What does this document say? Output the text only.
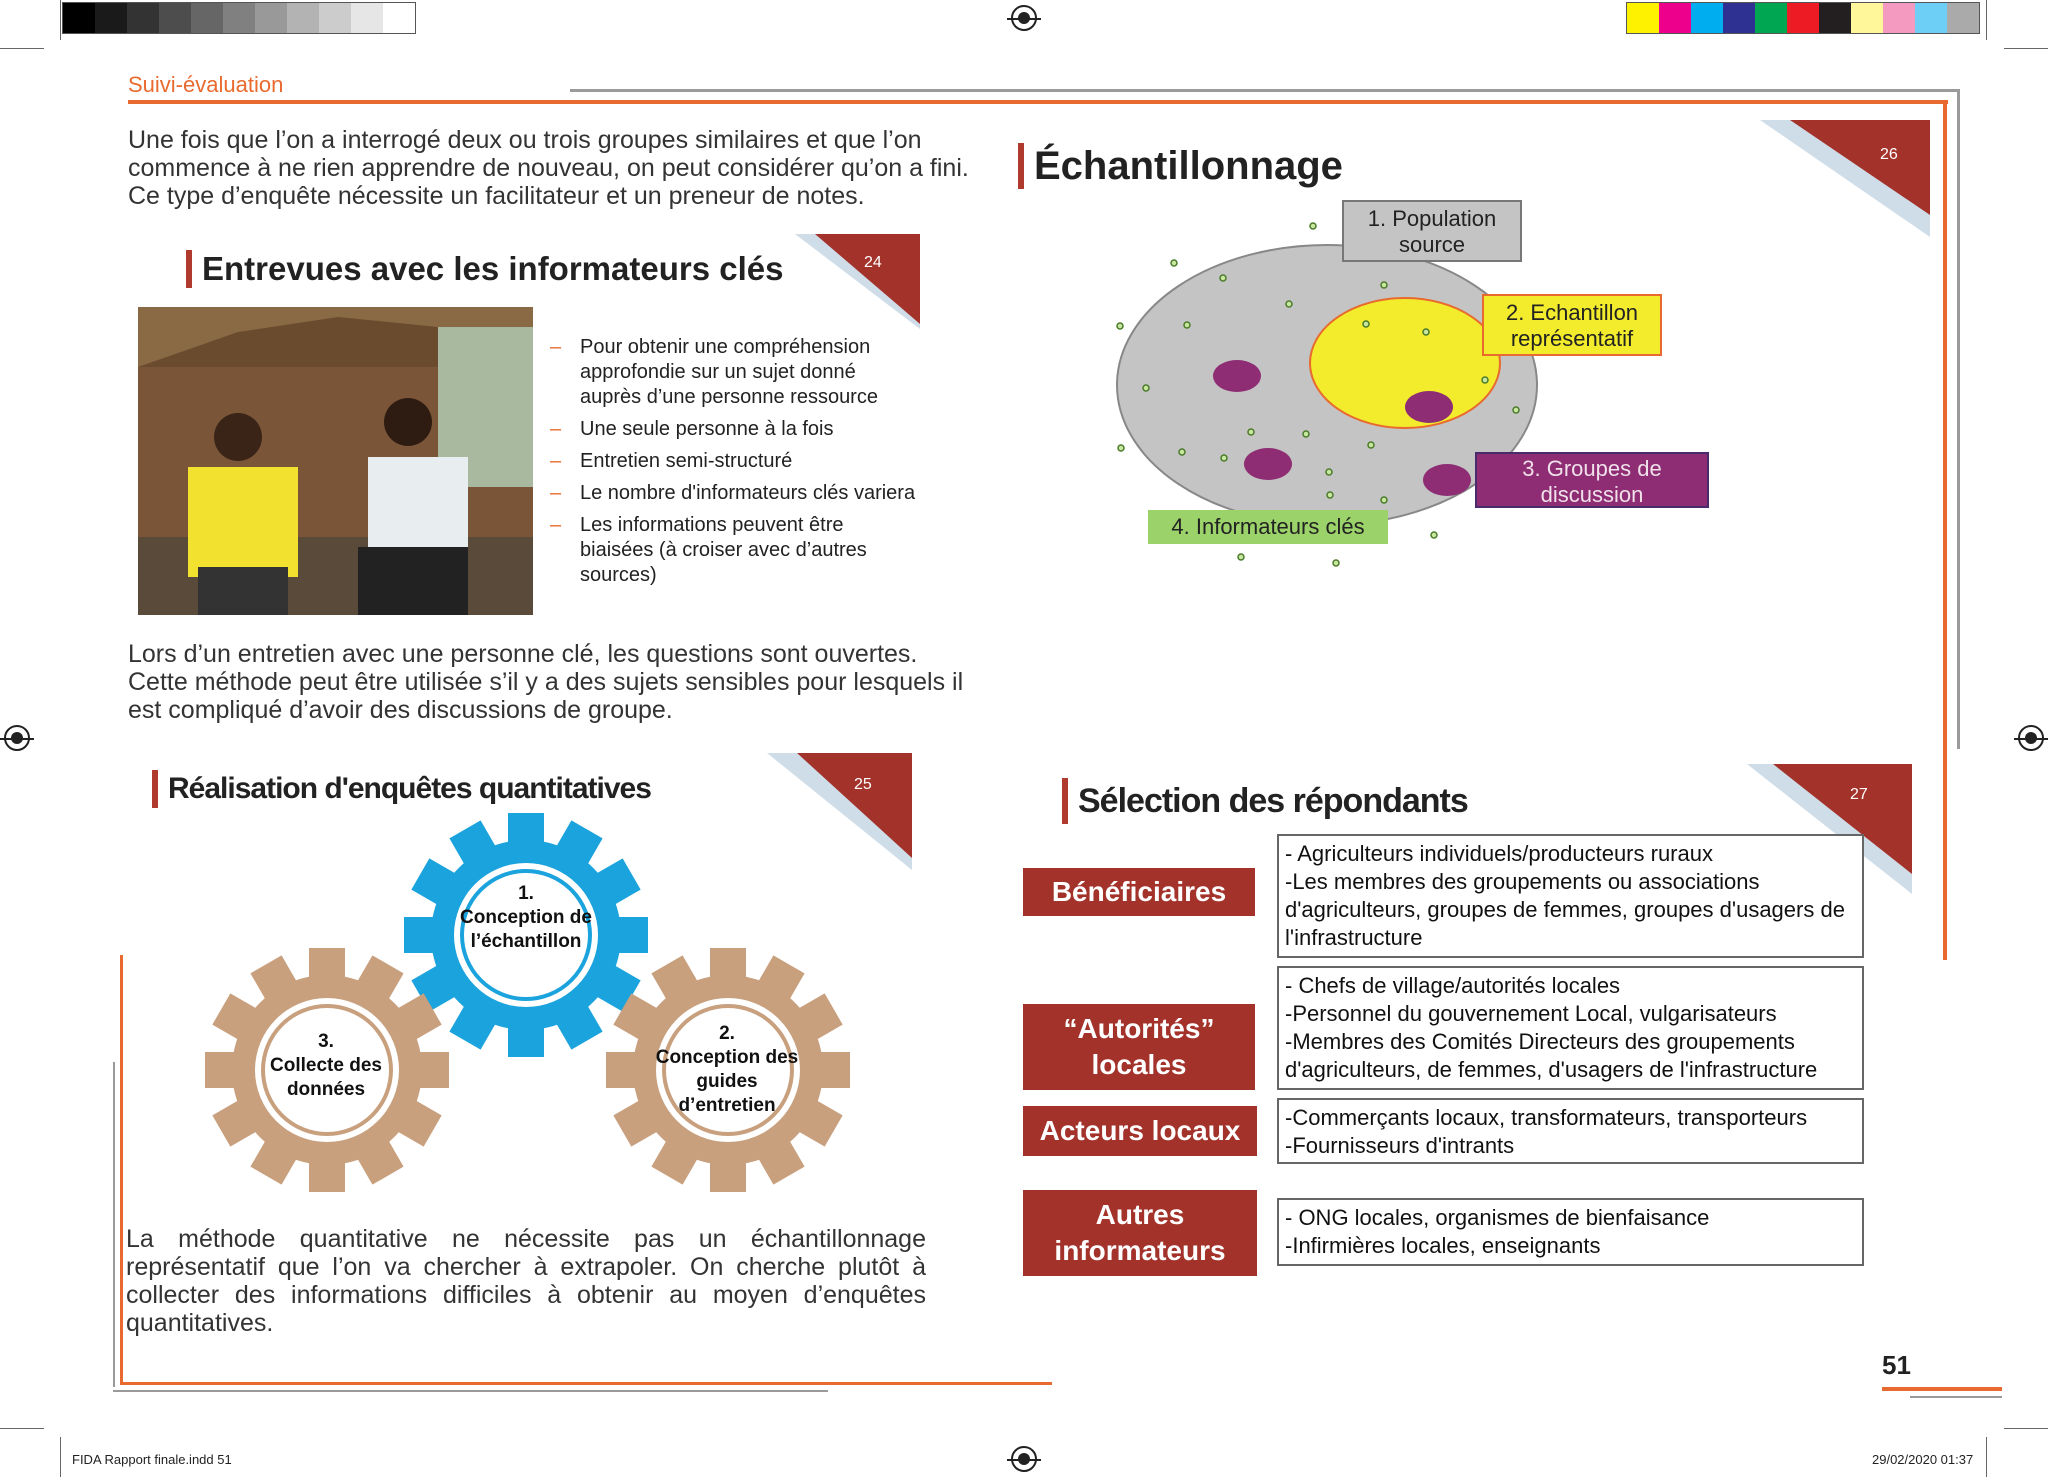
Suivi-évaluation
Une fois que l’on a interrogé deux ou trois groupes similaires et que l’on commence à ne rien apprendre de nouveau, on peut considérer qu’on a fini. Ce type d’enquête nécessite un facilitateur et un preneur de notes.
Entrevues avec les informateurs clés	24
– Pour obtenir une compréhension approfondie sur un sujet donné auprès d’une personne ressource
– Une seule personne à la fois
– Entretien semi-structuré
– Le nombre d'informateurs clés variera
– Les informations peuvent être biaisées (à croiser avec d’autres sources)
Lors d’un entretien avec une personne clé, les questions sont ouvertes. Cette méthode peut être utilisée s’il y a des sujets sensibles pour lesquels il est compliqué d’avoir des discussions de groupe.
Réalisation d'enquêtes quantitatives	25
1.
Conception de l’échantillon
2.
Conception des guides d’entretien
3.
Collecte des données
La méthode quantitative ne nécessite pas un échantillonnage représentatif que l’on va chercher à extrapoler. On cherche plutôt à collecter des informations difficiles à obtenir au moyen d’enquêtes quantitatives.
Échantillonnage	26
1. Population source
2. Echantillon représentatif
3. Groupes de discussion
4. Informateurs clés
Sélection des répondants	27
Bénéficiaires
- Agriculteurs individuels/producteurs ruraux
-Les membres des groupements ou associations d'agriculteurs, groupes de femmes, groupes d'usagers de l'infrastructure
“Autorités” locales
- Chefs de village/autorités locales
-Personnel du gouvernement Local, vulgarisateurs
-Membres des Comités Directeurs des groupements d'agriculteurs, de femmes, d'usagers de l'infrastructure
Acteurs locaux	-Commerçants locaux, transformateurs, transporteurs
-Fournisseurs d'intrants
Autres informateurs
- ONG locales, organismes de bienfaisance
-Infirmières locales, enseignants
51
FIDA Rapport finale.indd 51	29/02/2020 01:37
